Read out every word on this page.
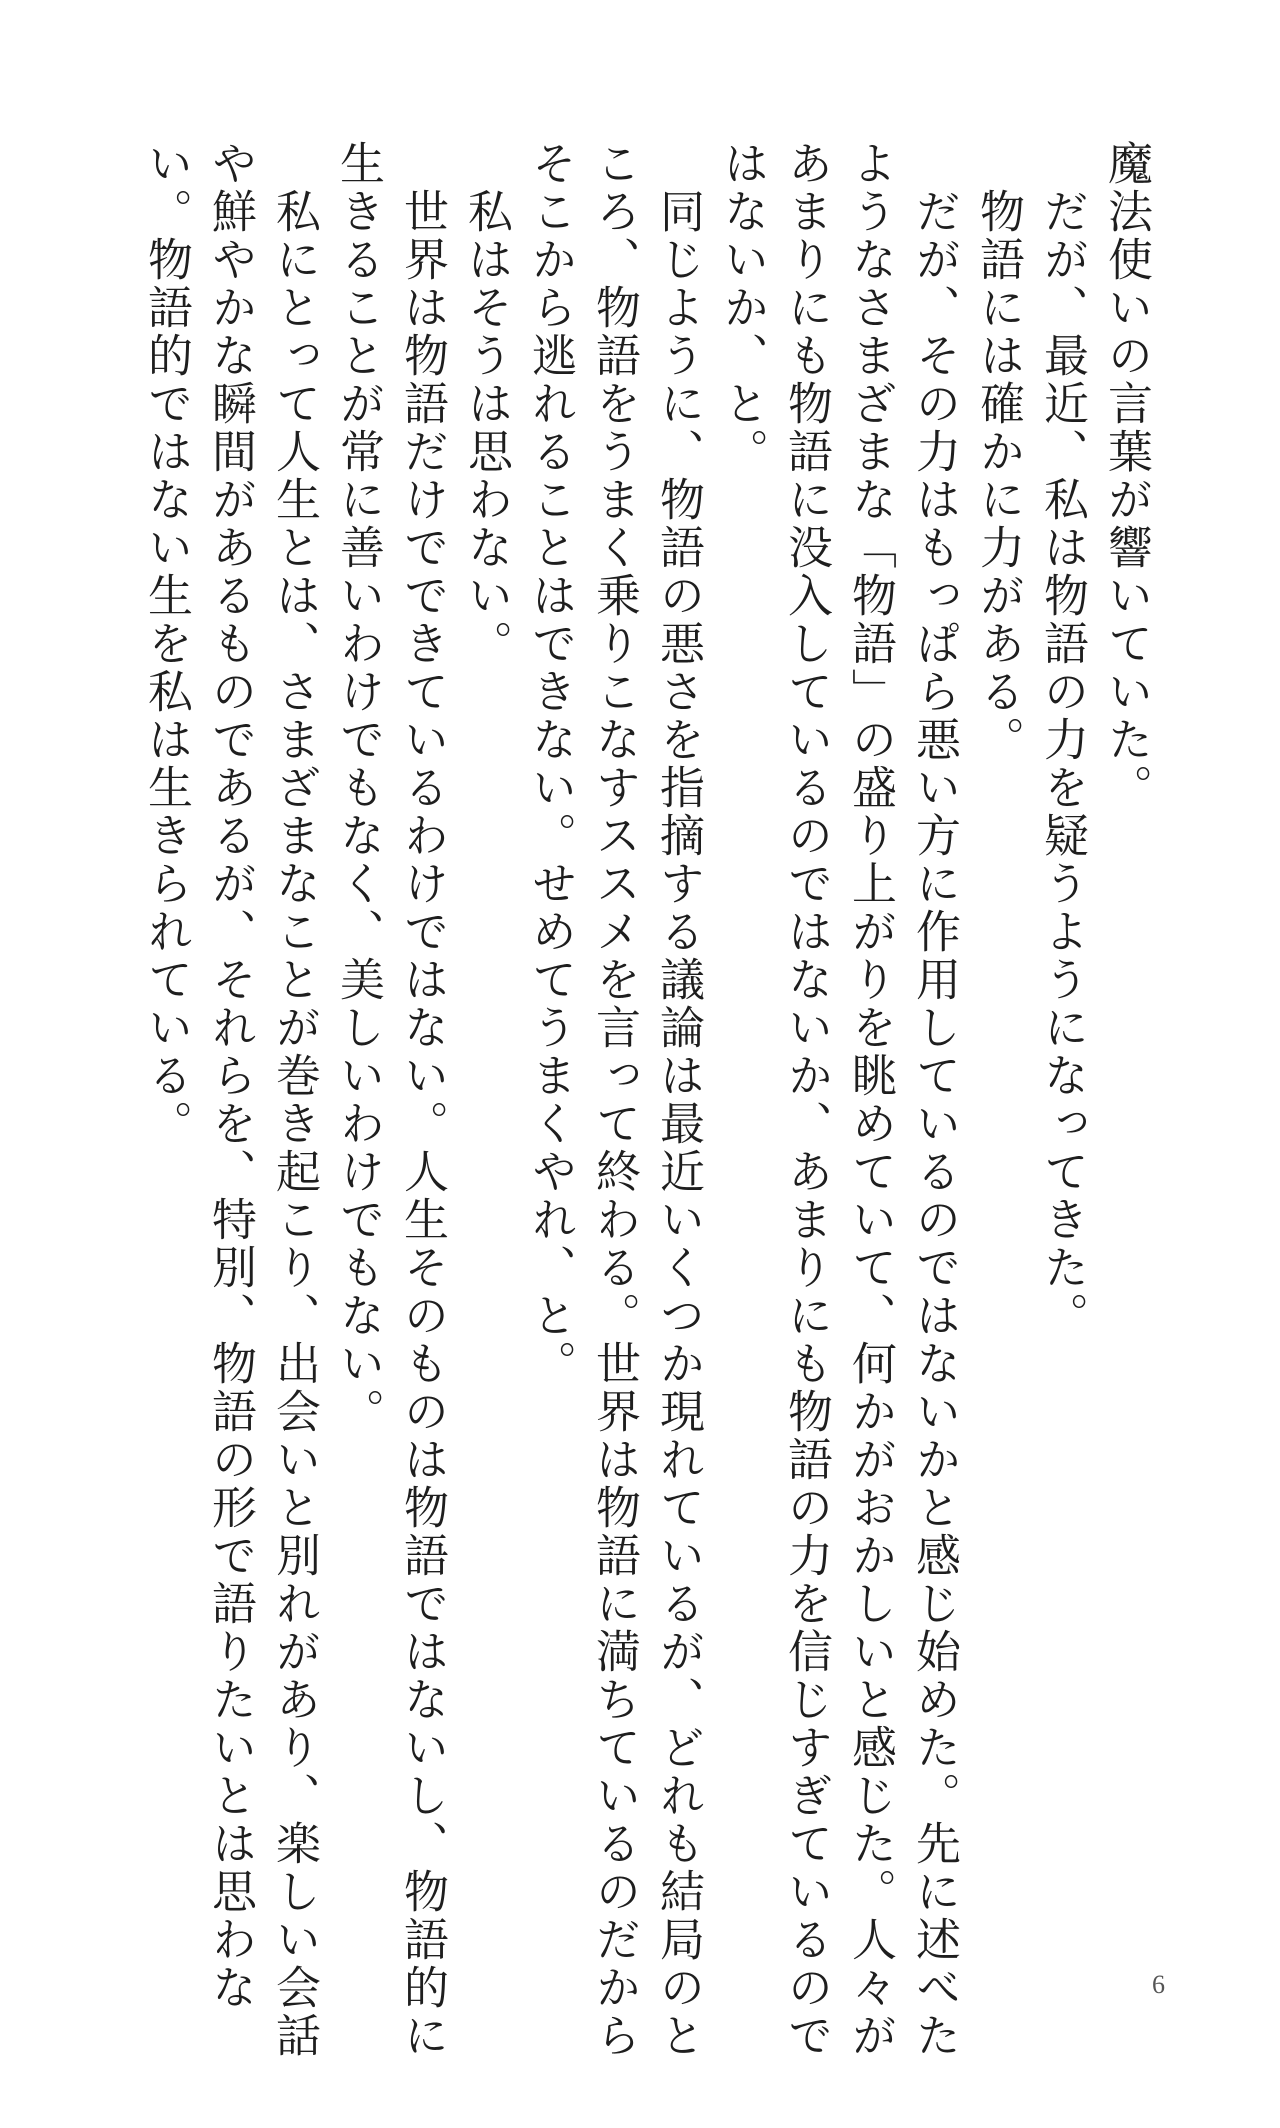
魔法使いの言葉が響いていた。
　だが、最近、私は物語の力を疑うようになってきた。
　物語には確かに力がある。
　だが、その力はもっぱら悪い方に作用しているのではないかと感じ始めた。先に述べた
ようなさまざまな「物語」の盛り上がりを眺めていて、何かがおかしいと感じた。人々が
あまりにも物語に没入しているのではないか、あまりにも物語の力を信じすぎているので
はないか、と。
　同じように、物語の悪さを指摘する議論は最近いくつか現れているが、どれも結局のと
ころ、物語をうまく乗りこなすススメを言って終わる。世界は物語に満ちているのだから
そこから逃れることはできない。せめてうまくやれ、と。
　私はそうは思わない。
　世界は物語だけでできているわけではない。人生そのものは物語ではないし、物語的に
生きることが常に善いわけでもなく、美しいわけでもない。
　私にとって人生とは、さまざまなことが巻き起こり、出会いと別れがあり、楽しい会話
や鮮やかな瞬間があるものであるが、それらを、特別、物語の形で語りたいとは思わな
い。物語的ではない生を私は生きられている。
6
